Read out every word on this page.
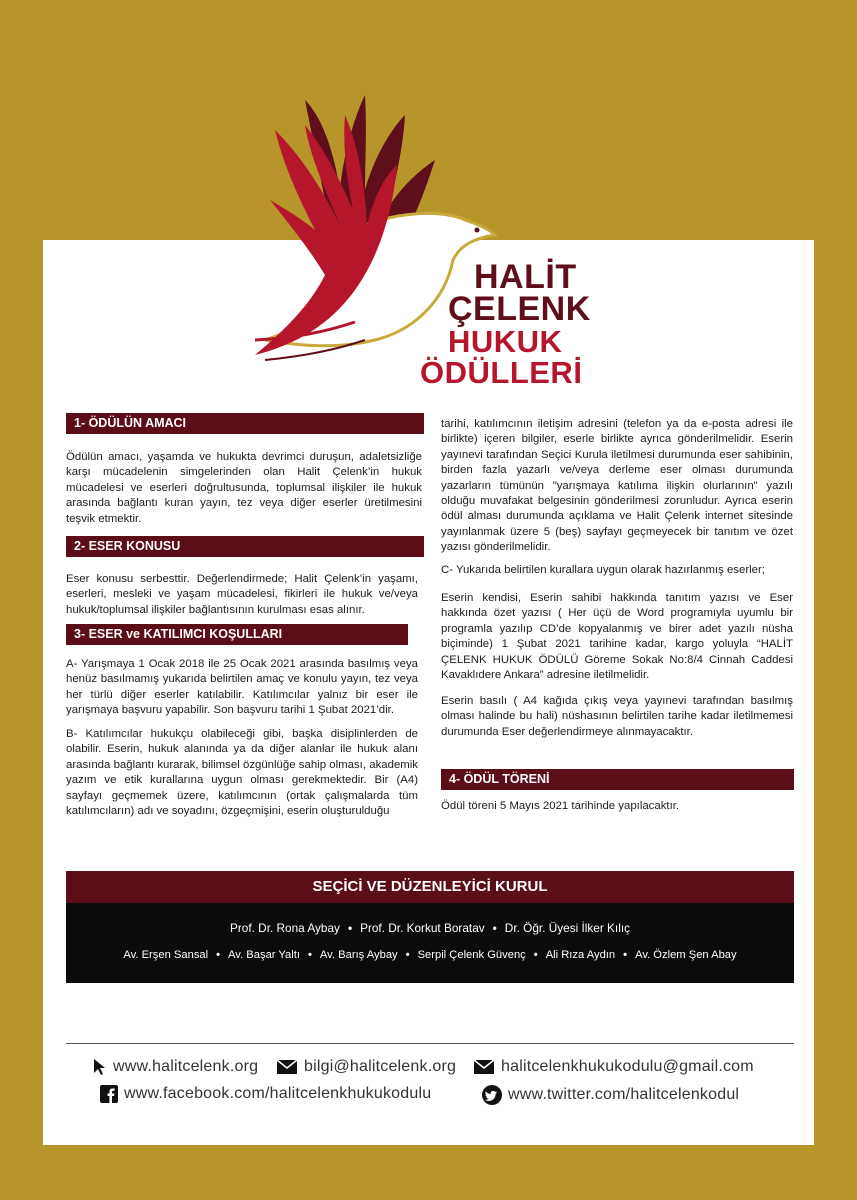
HALİT
ÇELENK
HUKUK
ÖDÜLLERİ
1- ÖDÜLÜN AMACI

Ödülün amacı, yaşamda ve hukukta devrimci duruşun, adaletsizliğe karşı mücadelenin simgelerinden olan Halit Çelenk’in hukuk mücadelesi ve eserleri doğrultusunda, toplumsal ilişkiler ile hukuk arasında bağlantı kuran yayın, tez veya diğer eserler üretilmesini teşvik etmektir.

2- ESER KONUSU

Eser konusu serbesttir. Değerlendirmede; Halit Çelenk’in yaşamı, eserleri, mesleki ve yaşam mücadelesi, fikirleri ile hukuk ve/veya hukuk/toplumsal ilişkiler bağlantısının kurulması esas alınır.

3- ESER ve KATILIMCI KOŞULLARI

A- Yarışmaya 1 Ocak 2018 ile 25 Ocak 2021 arasında basılmış veya henüz basılmamış yukarıda belirtilen amaç ve konulu yayın, tez veya her türlü diğer eserler katılabilir. Katılımcılar yalnız bir eser ile yarışmaya başvuru yapabilir. Son başvuru tarihi 1 Şubat 2021’dir.

B- Katılımcılar hukukçu olabileceği gibi, başka disiplinlerden de olabilir. Eserin, hukuk alanında ya da diğer alanlar ile hukuk alanı arasında bağlantı kurarak, bilimsel özgünlüğe sahip olması, akademik yazım ve etik kurallarına uygun olması gerekmektedir. Bir (A4) sayfayı geçmemek üzere, katılımcının (ortak çalışmalarda tüm katılımcıların) adı ve soyadını, özgeçmişini, eserin oluşturulduğu

tarihi, katılımcının iletişim adresini (telefon ya da e-posta adresi ile birlikte) içeren bilgiler, eserle birlikte ayrıca gönderilmelidir. Eserin yayınevi tarafından Seçici Kurula iletilmesi durumunda eser sahibinin, birden fazla yazarlı ve/veya derleme eser olması durumunda yazarların tümünün "yarışmaya katılıma ilişkin olurlarının" yazılı olduğu muvafakat belgesinin gönderilmesi zorunludur. Ayrıca eserin ödül alması durumunda açıklama ve Halit Çelenk internet sitesinde yayınlanmak üzere 5 (beş) sayfayı geçmeyecek bir tanıtım ve özet yazısı gönderilmelidir.

C- Yukarıda belirtilen kurallara uygun olarak hazırlanmış eserler;

Eserin kendisi, Eserin sahibi hakkında tanıtım yazısı ve Eser hakkında özet yazısı ( Her üçü de Word programıyla uyumlu bir programla yazılıp CD’de kopyalanmış ve birer adet yazılı nüsha biçiminde) 1 Şubat 2021 tarihine kadar, kargo yoluyla “HALİT ÇELENK HUKUK ÖDÜLÜ Göreme Sokak No:8/4 Cinnah Caddesi Kavaklıdere Ankara” adresine iletilmelidir.

Eserin basılı ( A4 kağıda çıkış veya yayınevi tarafından basılmış olması halinde bu hali) nüshasının belirtilen tarihe kadar iletilmemesi durumunda Eser değerlendirmeye alınmayacaktır.

4- ÖDÜL TÖRENİ

Ödül töreni 5 Mayıs 2021 tarihinde yapılacaktır.

SEÇİCİ VE DÜZENLEYİCİ KURUL
Prof. Dr. Rona Aybay • Prof. Dr. Korkut Boratav • Dr. Öğr. Üyesi İlker Kılıç
Av. Erşen Sansal • Av. Başar Yaltı • Av. Barış Aybay • Serpil Çelenk Güvenç • Ali Rıza Aydın • Av. Özlem Şen Abay
www.halitcelenk.org	bilgi@halitcelenk.org	halitcelenkhukukodulu@gmail.com
www.facebook.com/halitcelenkhukukodulu	www.twitter.com/halitcelenkodul
